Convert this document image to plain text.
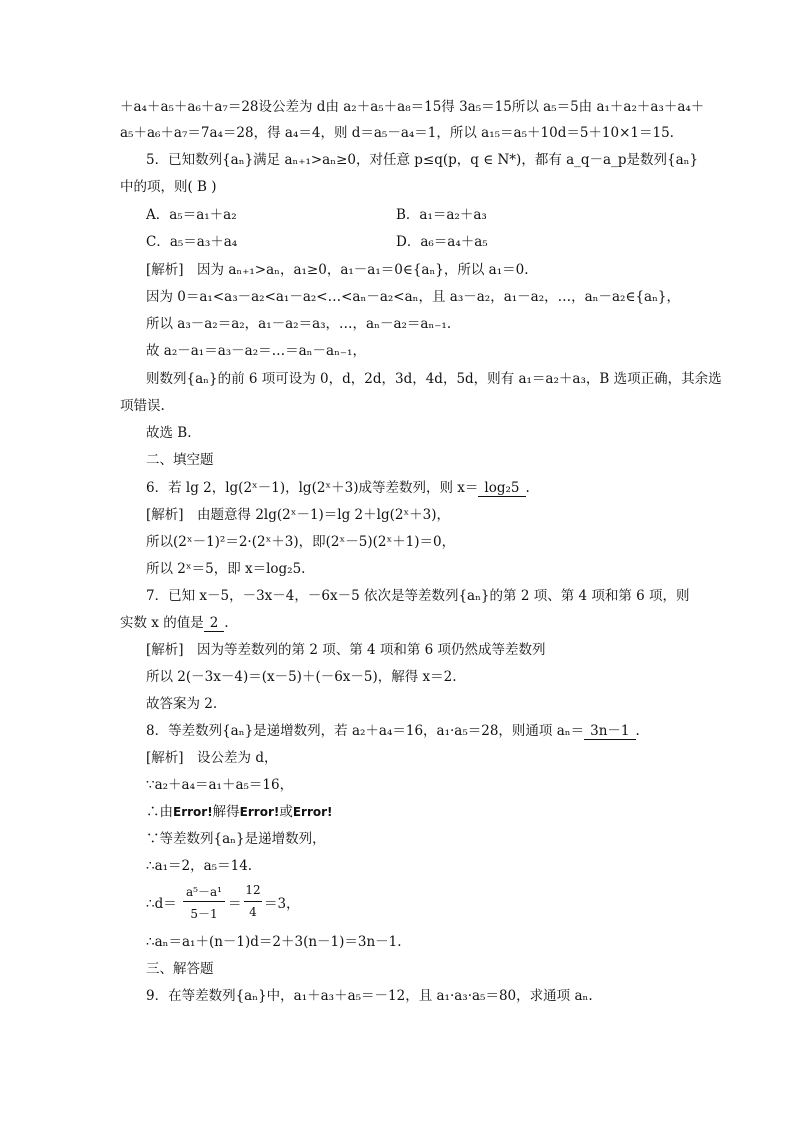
＋a₄＋a₅＋a₆＋a₇＝28设公差为 d由 a₂＋a₅＋a₈＝15得 3a₅＝15所以 a₅＝5由 a₁＋a₂＋a₃＋a₄＋
a₅＋a₆＋a₇＝7a₄＝28，得 a₄＝4，则 d＝a₅－a₄＝1，所以 a₁₅＝a₅＋10d＝5＋10×1＝15.
5．已知数列{aₙ}满足 aₙ₊₁>aₙ≥0，对任意 p≤q(p，q ∈ N*)，都有 a_q－a_p是数列{aₙ}
中的项，则( B )
A．a₅＝a₁＋a₂	B．a₁＝a₂＋a₃
C．a₅＝a₃＋a₄	D．a₆＝a₄＋a₅
[解析]　因为 aₙ₊₁>aₙ，a₁≥0，a₁－a₁＝0∈{aₙ}，所以 a₁＝0.
因为 0＝a₁<a₃－a₂<a₁－a₂<…<aₙ－a₂<aₙ，且 a₃－a₂，a₁－a₂，…，aₙ－a₂∈{aₙ}，
所以 a₃－a₂＝a₂，a₁－a₂＝a₃，…，aₙ－a₂＝aₙ₋₁.
故 a₂－a₁＝a₃－a₂＝…＝aₙ－aₙ₋₁，
则数列{aₙ}的前 6 项可设为 0，d，2d，3d，4d，5d，则有 a₁＝a₂＋a₃，B 选项正确，其余选
项错误.
故选 B.
二、填空题
6．若 lg 2，lg(2ˣ－1)，lg(2ˣ＋3)成等差数列，则 x＝ log₂5 .
[解析]　由题意得 2lg(2ˣ－1)＝lg 2＋lg(2ˣ＋3)，
所以(2ˣ－1)²＝2·(2ˣ＋3)，即(2ˣ－5)(2ˣ＋1)＝0，
所以 2ˣ＝5，即 x＝log₂5.
7．已知 x－5，－3x－4，－6x－5 依次是等差数列{aₙ}的第 2 项、第 4 项和第 6 项，则
实数 x 的值是 2 .
[解析]　因为等差数列的第 2 项、第 4 项和第 6 项仍然成等差数列
所以 2(－3x－4)＝(x－5)＋(－6x－5)，解得 x＝2.
故答案为 2.
8．等差数列{aₙ}是递增数列，若 a₂＋a₄＝16，a₁·a₅＝28，则通项 aₙ＝ 3n－1 .
[解析]　设公差为 d，
∵a₂＋a₄＝a₁＋a₅＝16，
∴由Error!解得Error!或Error!
∵等差数列{aₙ}是递增数列，
∴a₁＝2，a₅＝14.
∴d＝
a⁵－a¹
5－1
＝
12
4 ＝3，
∴aₙ＝a₁＋(n－1)d＝2＋3(n－1)＝3n－1.
三、解答题
9．在等差数列{aₙ}中，a₁＋a₃＋a₅＝－12，且 a₁·a₃·a₅＝80，求通项 aₙ.
